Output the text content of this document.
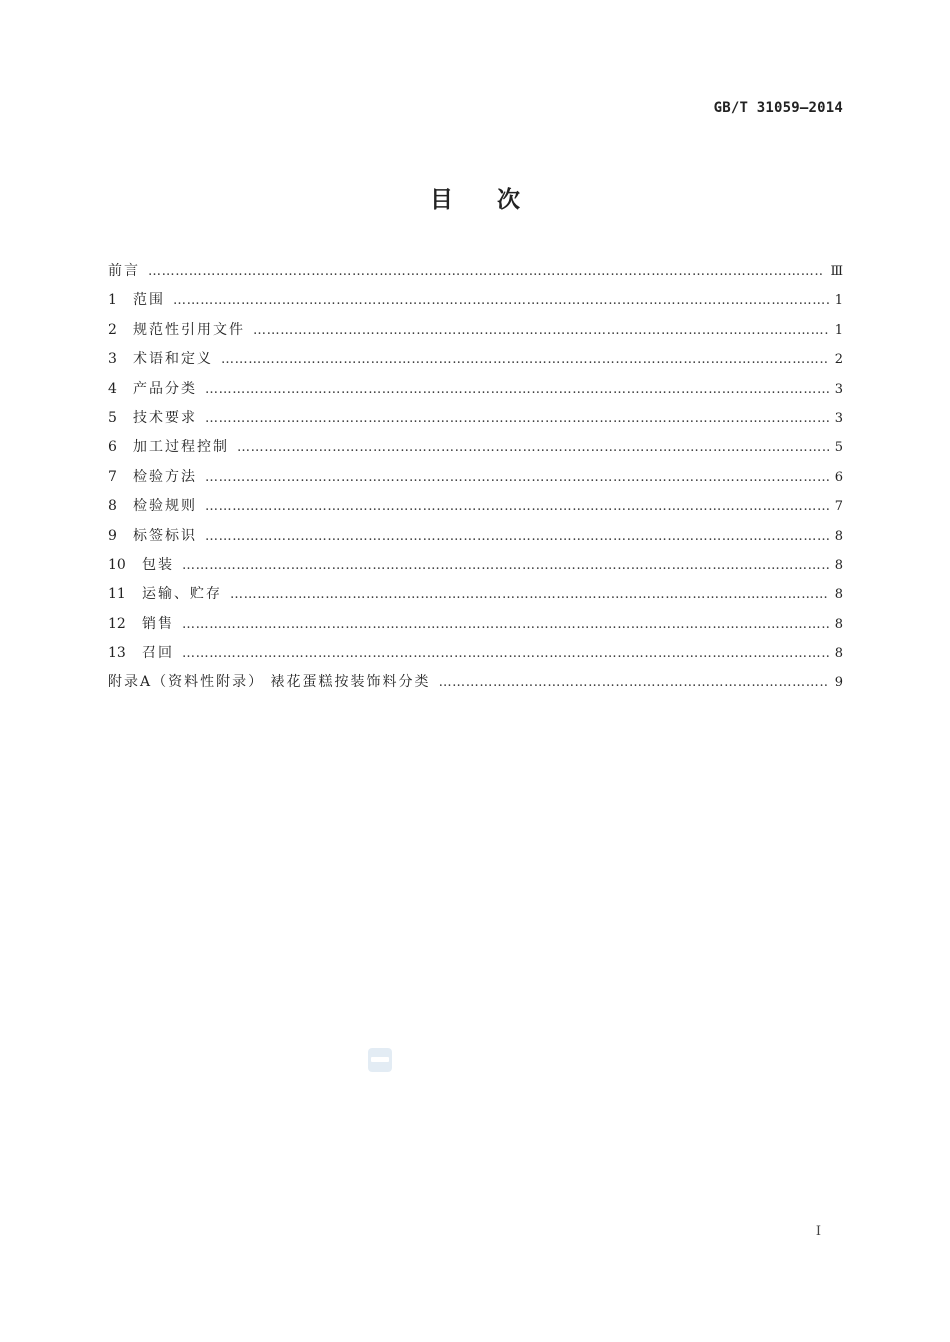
GB/T 31059—2014
目次
前言 ……………………………………………………………………………………………………………………………………………………………………………………………………………………………	Ⅲ
1	范围 ……………………………………………………………………………………………………………………………………………………………………………………………………………………………	1
2	规范性引用文件 ……………………………………………………………………………………………………………………………………………………………………………………………………………………………	1
3	术语和定义 ……………………………………………………………………………………………………………………………………………………………………………………………………………………………	2
4	产品分类 ……………………………………………………………………………………………………………………………………………………………………………………………………………………………	3
5	技术要求 ……………………………………………………………………………………………………………………………………………………………………………………………………………………………	3
6	加工过程控制 ……………………………………………………………………………………………………………………………………………………………………………………………………………………………	5
7	检验方法 ……………………………………………………………………………………………………………………………………………………………………………………………………………………………	6
8	检验规则 ……………………………………………………………………………………………………………………………………………………………………………………………………………………………	7
9	标签标识 ……………………………………………………………………………………………………………………………………………………………………………………………………………………………	8
10	包装 ……………………………………………………………………………………………………………………………………………………………………………………………………………………………	8
11	运输、贮存 ……………………………………………………………………………………………………………………………………………………………………………………………………………………………	8
12	销售 ……………………………………………………………………………………………………………………………………………………………………………………………………………………………	8
13	召回 ……………………………………………………………………………………………………………………………………………………………………………………………………………………………	8
附录A（资料性附录） 裱花蛋糕按装饰料分类 ……………………………………………………………………………………………………………………………………………………………………………………………………………………………	9
I
